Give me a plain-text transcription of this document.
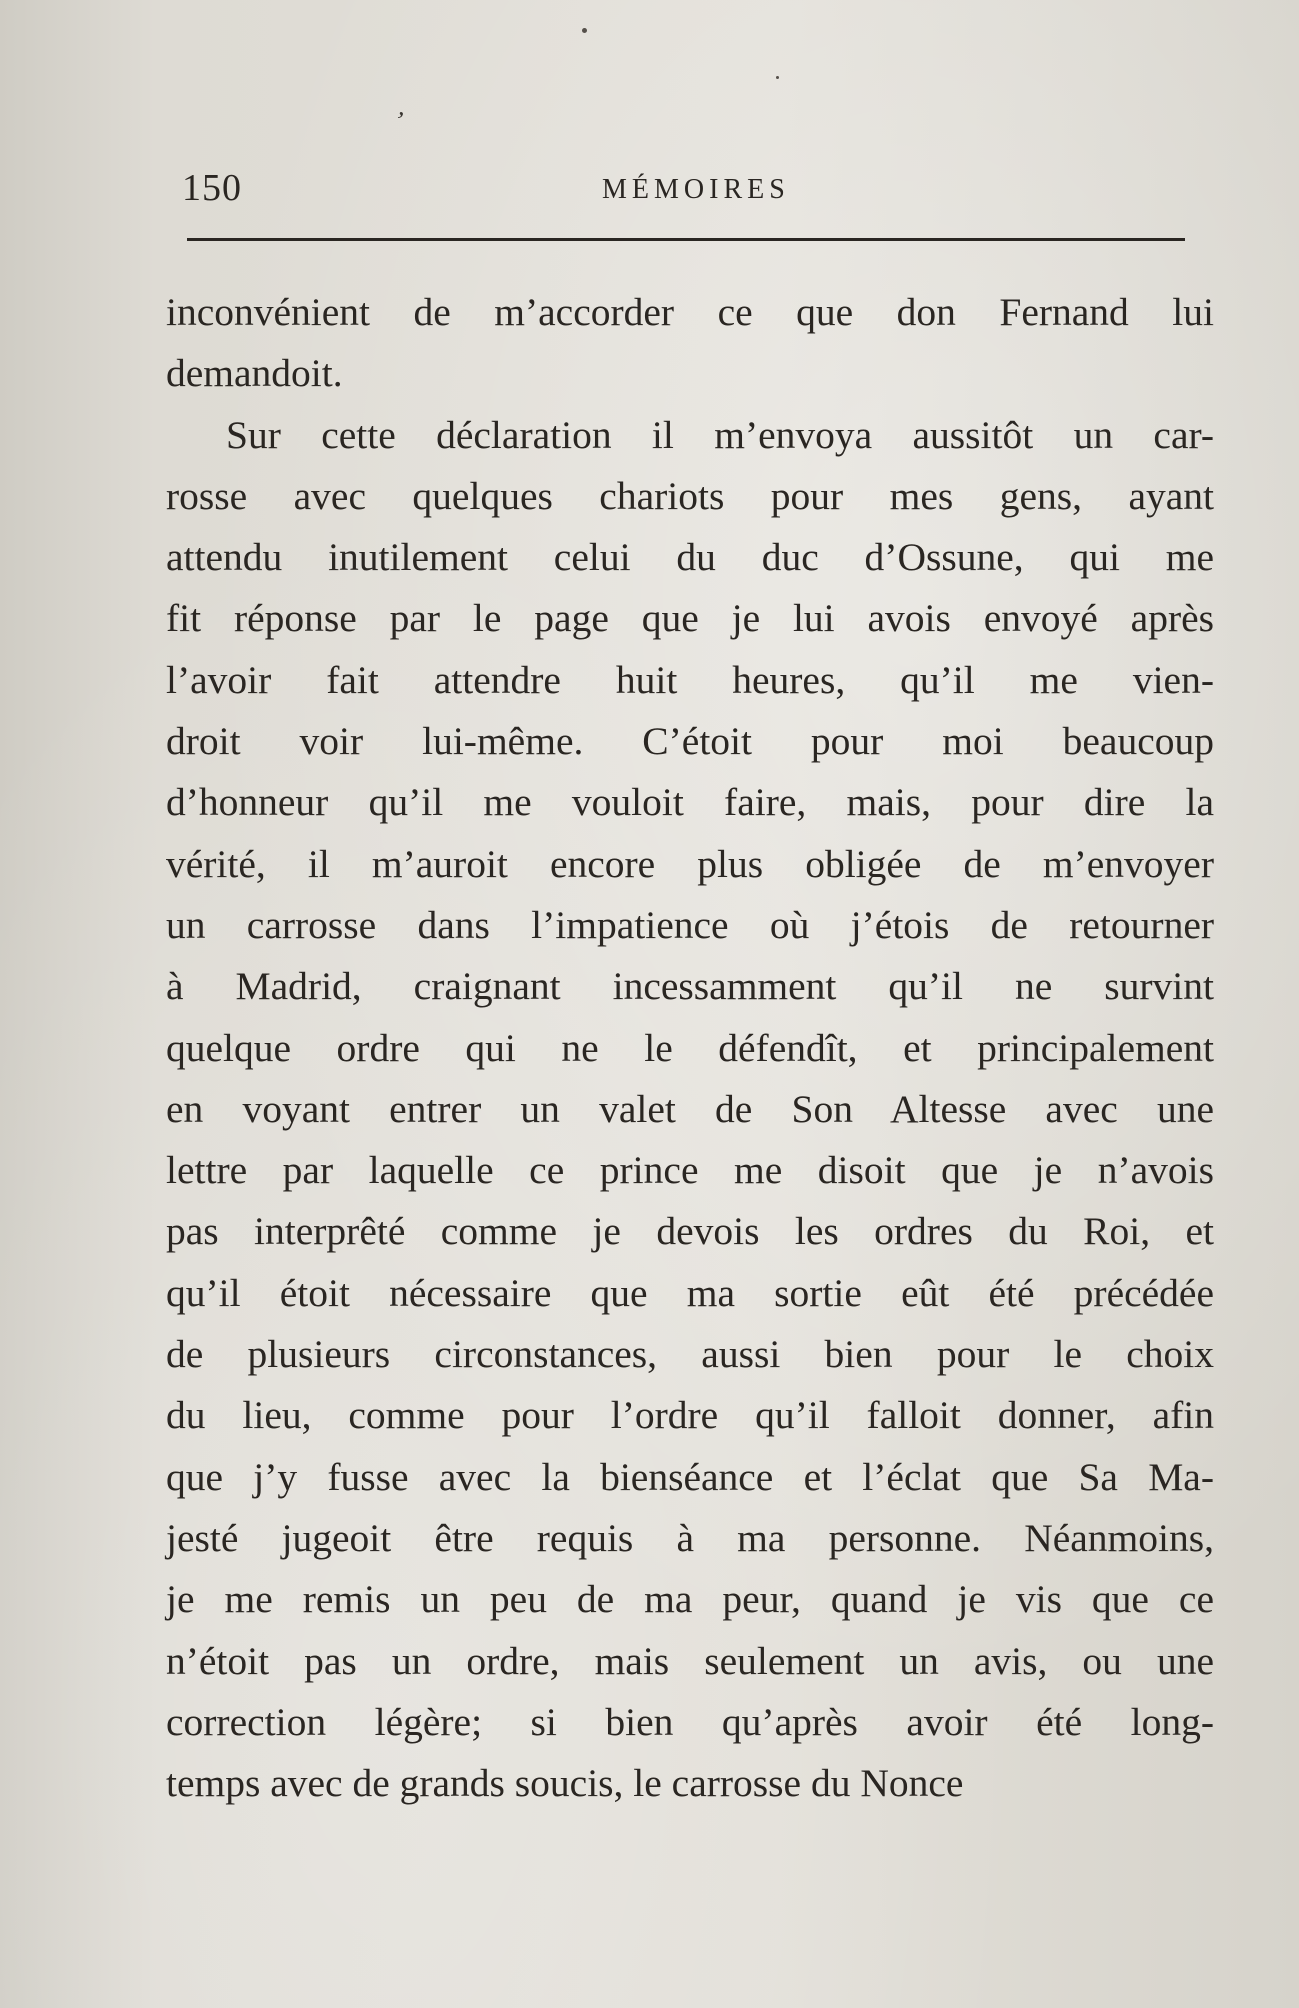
,
150	MÉMOIRES
inconvénient de m’accorder ce que don Fernand lui
demandoit.
Sur cette déclaration il m’envoya aussitôt un car-
rosse avec quelques chariots pour mes gens, ayant
attendu inutilement celui du duc d’Ossune, qui me
fit réponse par le page que je lui avois envoyé après
l’avoir fait attendre huit heures, qu’il me vien-
droit voir lui-même. C’étoit pour moi beaucoup
d’honneur qu’il me vouloit faire, mais, pour dire la
vérité, il m’auroit encore plus obligée de m’envoyer
un carrosse dans l’impatience où j’étois de retourner
à Madrid, craignant incessamment qu’il ne survint
quelque ordre qui ne le défendît, et principalement
en voyant entrer un valet de Son Altesse avec une
lettre par laquelle ce prince me disoit que je n’avois
pas interprêté comme je devois les ordres du Roi, et
qu’il étoit nécessaire que ma sortie eût été précédée
de plusieurs circonstances, aussi bien pour le choix
du lieu, comme pour l’ordre qu’il falloit donner, afin
que j’y fusse avec la bienséance et l’éclat que Sa Ma-
jesté jugeoit être requis à ma personne. Néanmoins,
je me remis un peu de ma peur, quand je vis que ce
n’étoit pas un ordre, mais seulement un avis, ou une
correction légère; si bien qu’après avoir été long-
temps avec de grands soucis, le carrosse du Nonce
